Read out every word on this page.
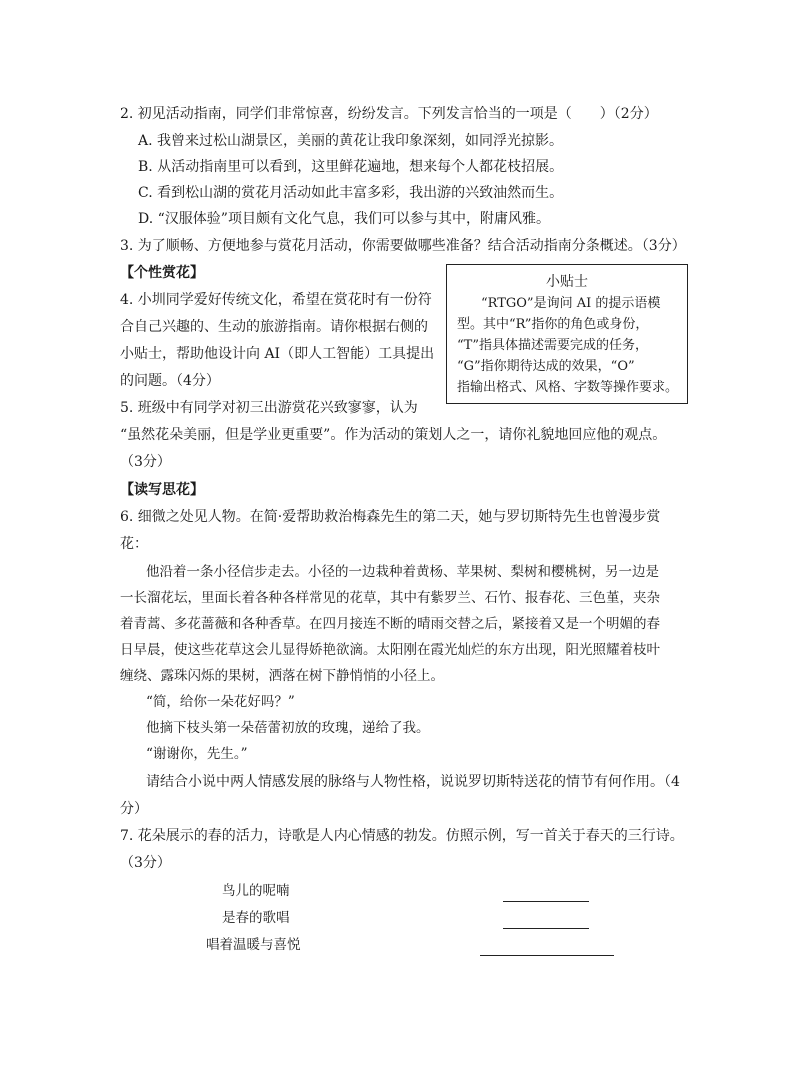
2. 初见活动指南，同学们非常惊喜，纷纷发言。下列发言恰当的一项是（　　）（2分）
A. 我曾来过松山湖景区，美丽的黄花让我印象深刻，如同浮光掠影。
B. 从活动指南里可以看到，这里鲜花遍地，想来每个人都花枝招展。
C. 看到松山湖的赏花月活动如此丰富多彩，我出游的兴致油然而生。
D. “汉服体验”项目颇有文化气息，我们可以参与其中，附庸风雅。
3. 为了顺畅、方便地参与赏花月活动，你需要做哪些准备？结合活动指南分条概述。（3分）
【个性赏花】
4. 小圳同学爱好传统文化，希望在赏花时有一份符
合自己兴趣的、生动的旅游指南。请你根据右侧的
小贴士，帮助他设计向 AI（即人工智能）工具提出
的问题。（4分）
小贴士
“RTGO”是询问 AI 的提示语模
型。其中“R”指你的角色或身份，
“T”指具体描述需要完成的任务，
“G”指你期待达成的效果，“O”
指输出格式、风格、字数等操作要求。
5. 班级中有同学对初三出游赏花兴致寥寥，认为
“虽然花朵美丽，但是学业更重要”。作为活动的策划人之一，请你礼貌地回应他的观点。
（3分）
【读写思花】
6. 细微之处见人物。在简·爱帮助救治梅森先生的第二天，她与罗切斯特先生也曾漫步赏
花：
他沿着一条小径信步走去。小径的一边栽种着黄杨、苹果树、梨树和樱桃树，另一边是
一长溜花坛，里面长着各种各样常见的花草，其中有紫罗兰、石竹、报春花、三色堇，夹杂
着青蒿、多花蔷薇和各种香草。在四月接连不断的晴雨交替之后，紧接着又是一个明媚的春
日早晨，使这些花草这会儿显得娇艳欲滴。太阳刚在霞光灿烂的东方出现，阳光照耀着枝叶
缠绕、露珠闪烁的果树，洒落在树下静悄悄的小径上。
“简，给你一朵花好吗？”
他摘下枝头第一朵蓓蕾初放的玫瑰，递给了我。
“谢谢你，先生。”
请结合小说中两人情感发展的脉络与人物性格，说说罗切斯特送花的情节有何作用。（4
分）
7. 花朵展示的春的活力，诗歌是人内心情感的勃发。仿照示例，写一首关于春天的三行诗。
（3分）
鸟儿的呢喃
是春的歌唱
唱着温暖与喜悦
